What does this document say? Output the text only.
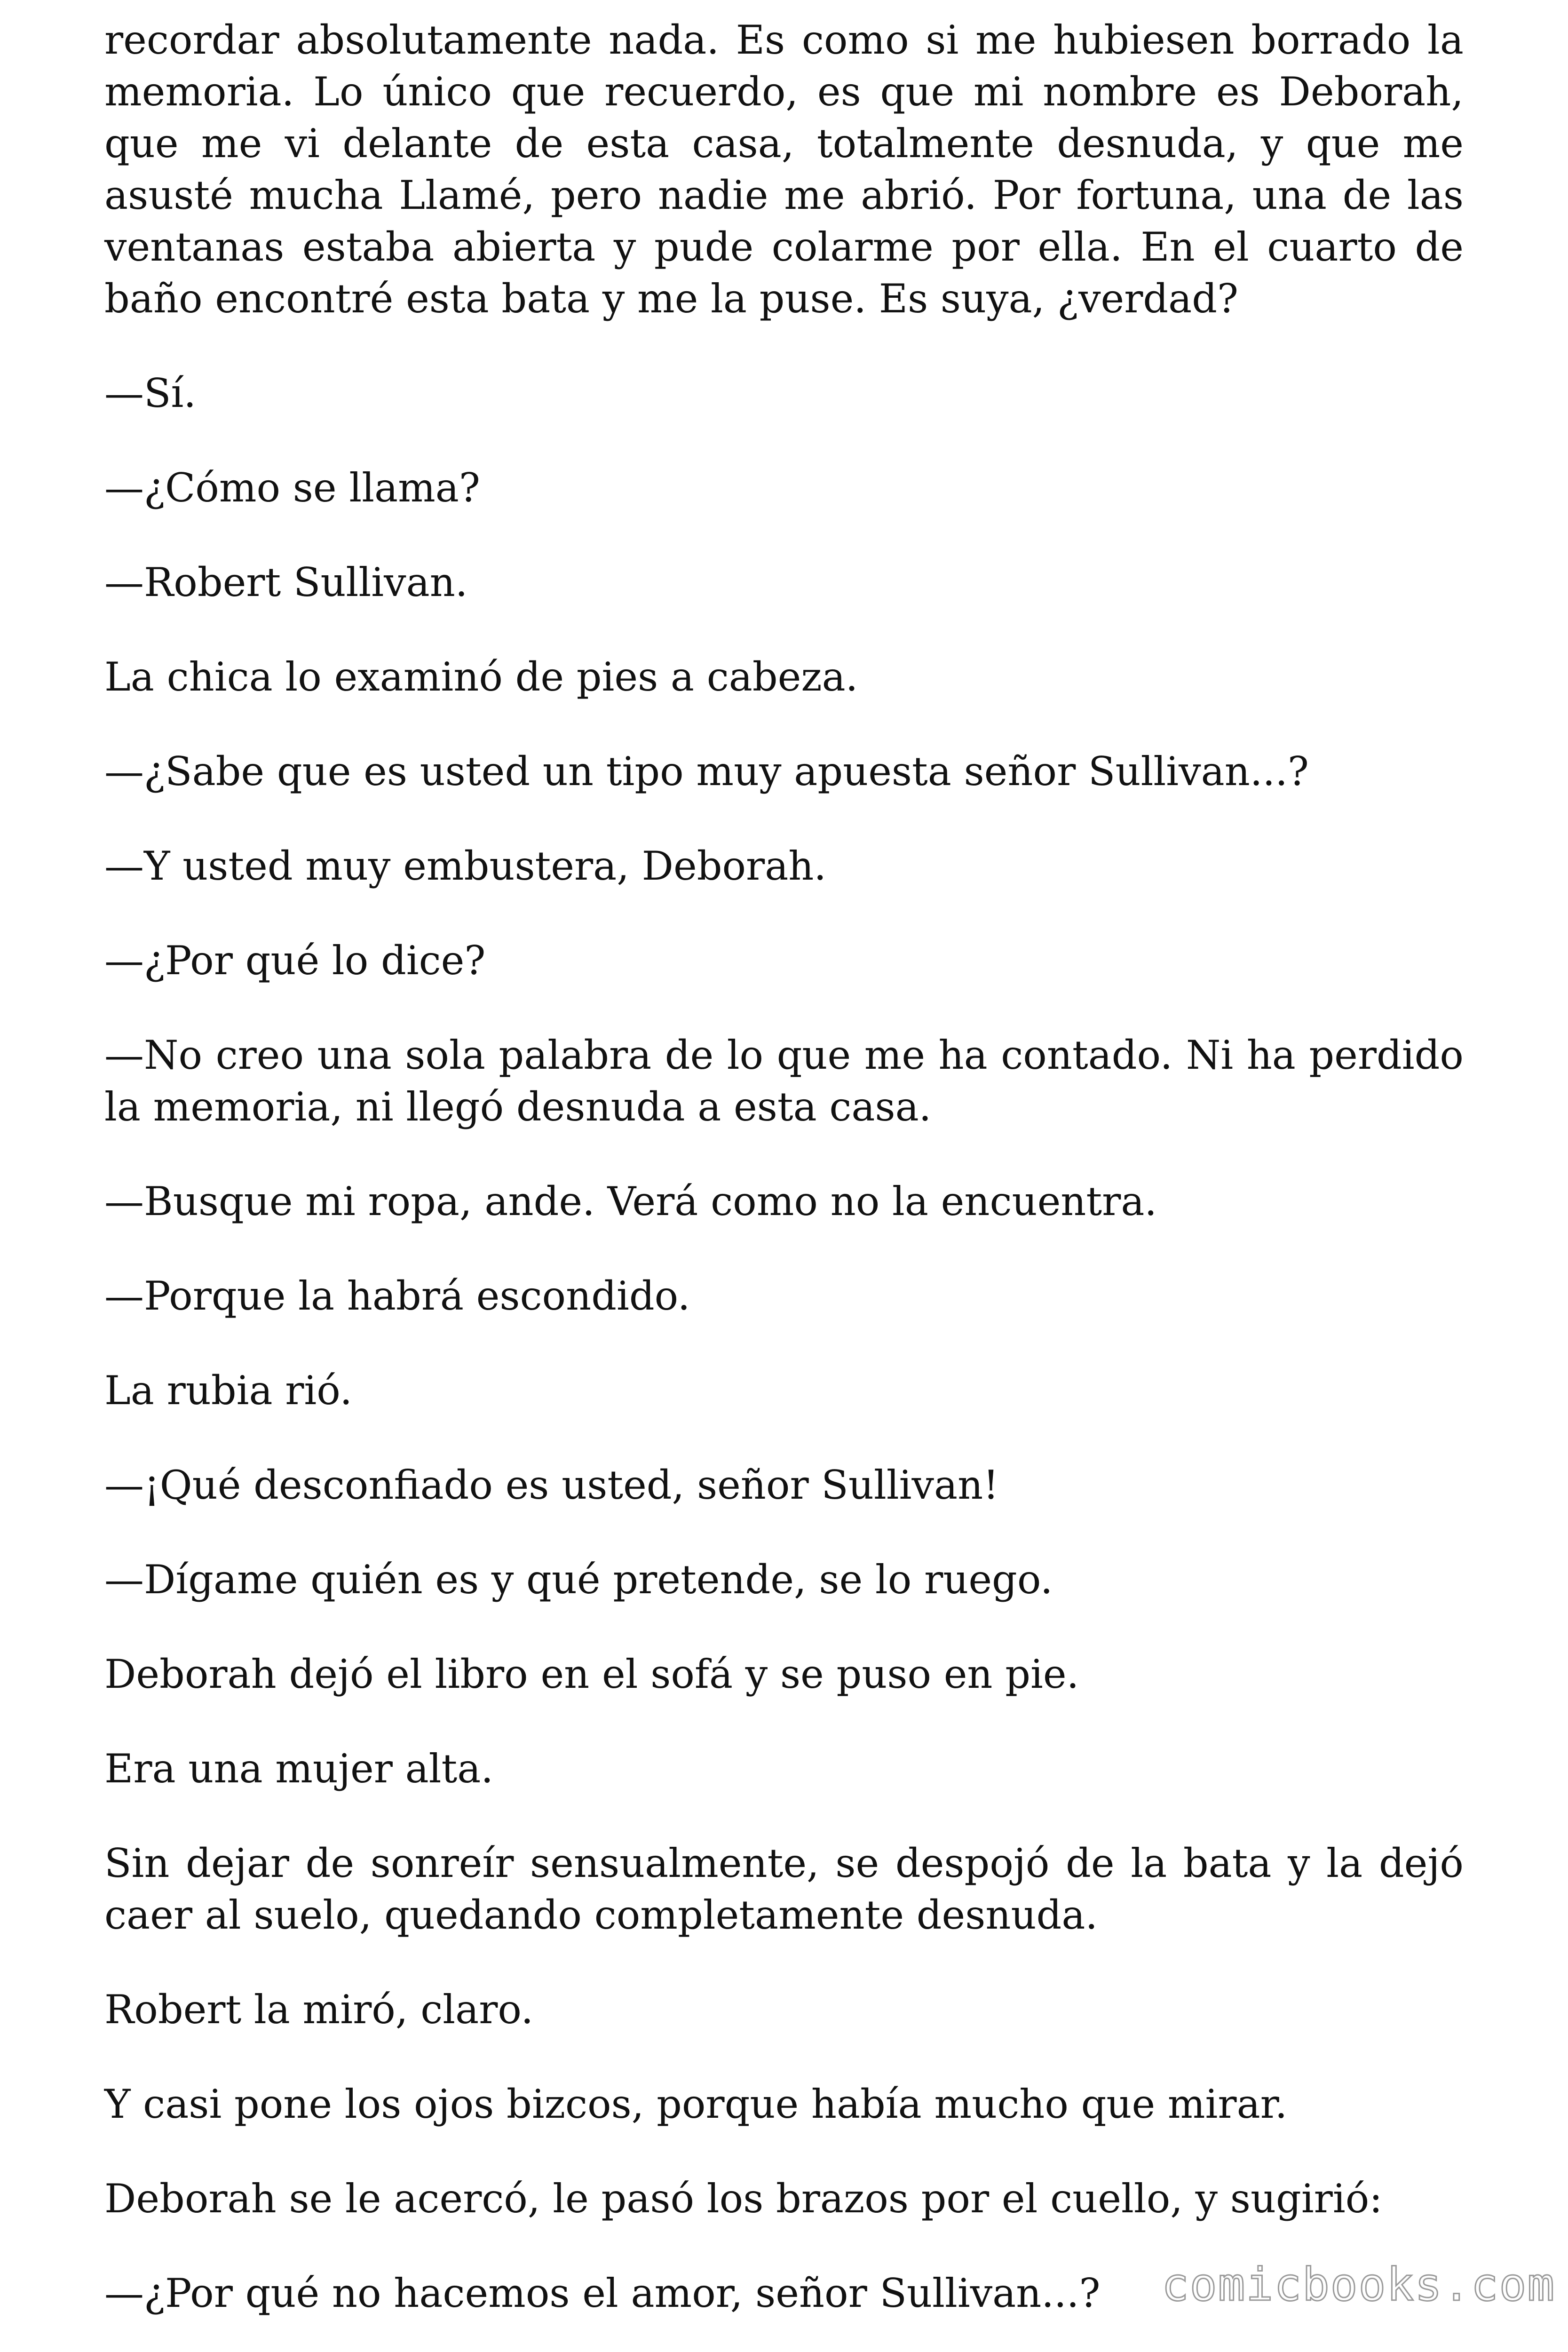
recordar absolutamente nada. Es como si me hubiesen borrado la memoria. Lo único que recuerdo, es que mi nombre es Deborah, que me vi delante de esta casa, totalmente desnuda, y que me asusté mucha Llamé, pero nadie me abrió. Por fortuna, una de las ventanas estaba abierta y pude colarme por ella. En el cuarto de baño encontré esta bata y me la puse. Es suya, ¿verdad?

—Sí.

—¿Cómo se llama?

—Robert Sullivan.

La chica lo examinó de pies a cabeza.

—¿Sabe que es usted un tipo muy apuesta señor Sullivan...?

—Y usted muy embustera, Deborah.

—¿Por qué lo dice?

—No creo una sola palabra de lo que me ha contado. Ni ha perdido la memoria, ni llegó desnuda a esta casa.

—Busque mi ropa, ande. Verá como no la encuentra.

—Porque la habrá escondido.

La rubia rió.

—¡Qué desconfiado es usted, señor Sullivan!

—Dígame quién es y qué pretende, se lo ruego.

Deborah dejó el libro en el sofá y se puso en pie.

Era una mujer alta.

Sin dejar de sonreír sensualmente, se despojó de la bata y la dejó caer al suelo, quedando completamente desnuda.

Robert la miró, claro.

Y casi pone los ojos bizcos, porque había mucho que mirar.

Deborah se le acercó, le pasó los brazos por el cuello, y sugirió:

—¿Por qué no hacemos el amor, señor Sullivan...?	comicbooks.com
